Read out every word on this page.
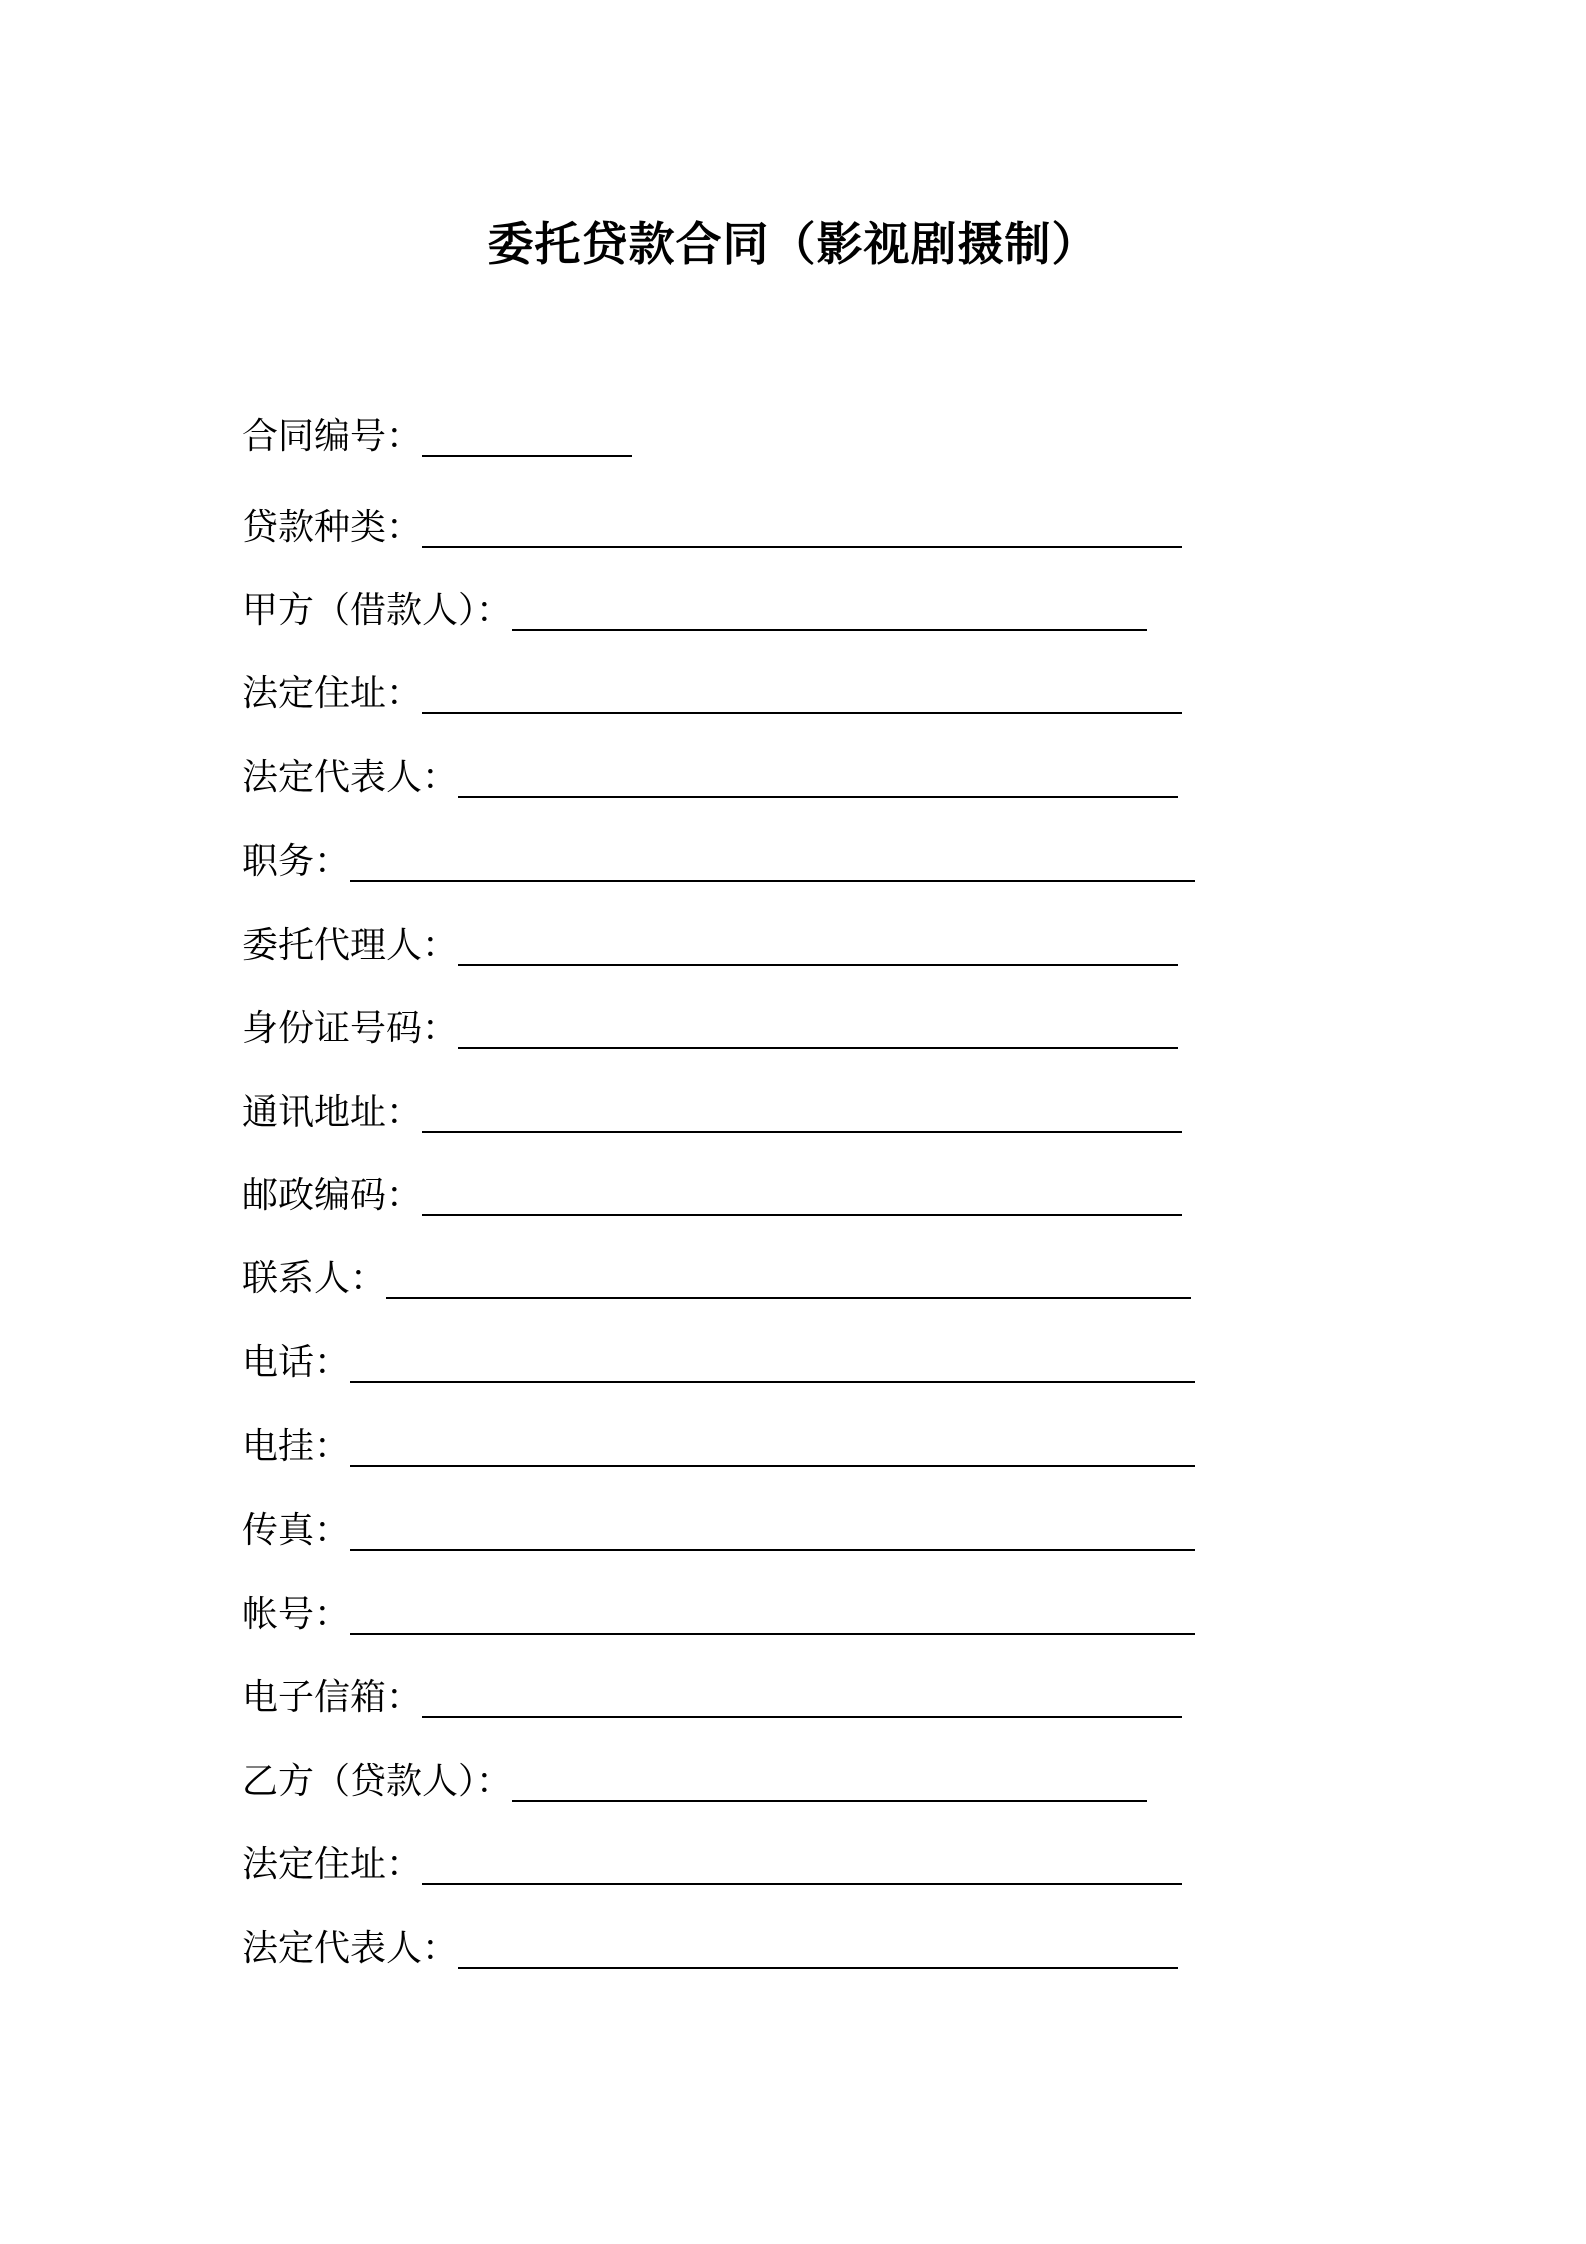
委托贷款合同（影视剧摄制）
合同编号：
贷款种类：
甲方（借款人）：
法定住址：
法定代表人：
职务：
委托代理人：
身份证号码：
通讯地址：
邮政编码：
联系人：
电话：
电挂：
传真：
帐号：
电子信箱：
乙方（贷款人）：
法定住址：
法定代表人：
